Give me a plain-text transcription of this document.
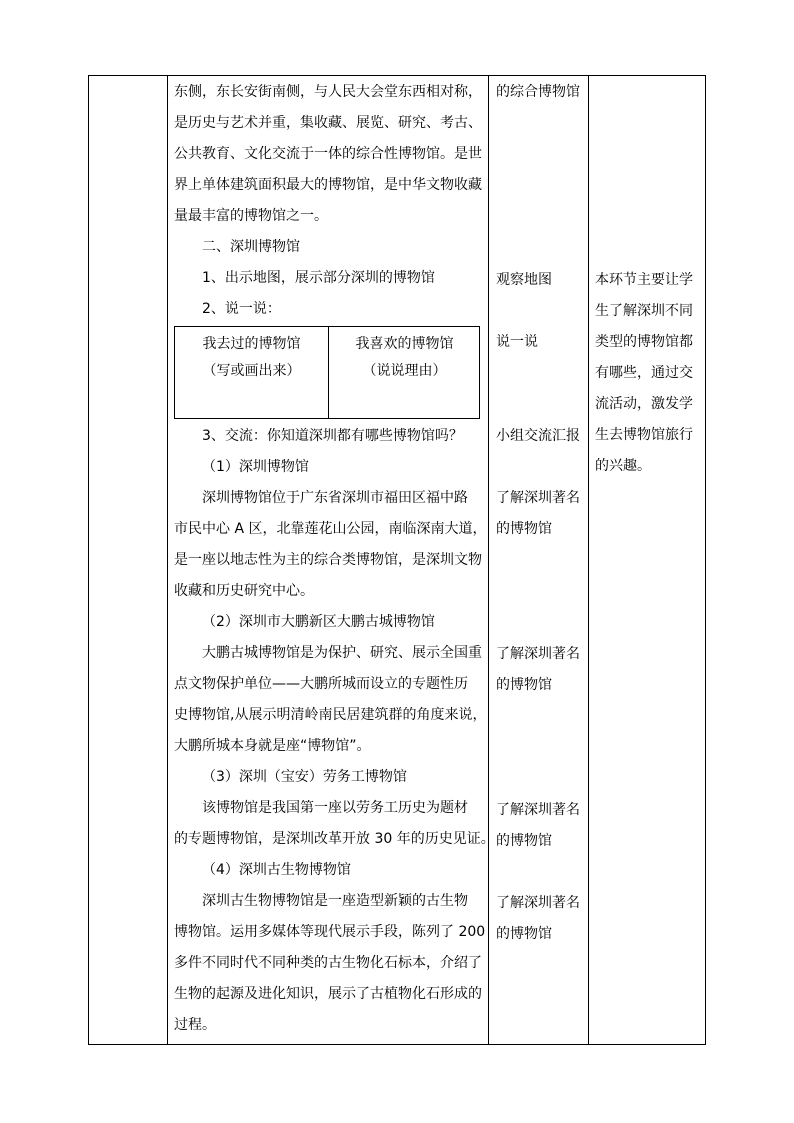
东侧，东长安街南侧，与人民大会堂东西相对称，
是历史与艺术并重，集收藏、展览、研究、考古、
公共教育、文化交流于一体的综合性博物馆。是世
界上单体建筑面积最大的博物馆，是中华文物收藏
量最丰富的博物馆之一。
二、深圳博物馆
1、出示地图，展示部分深圳的博物馆
2、说一说：
我去过的博物馆
（写或画出来）
我喜欢的博物馆
（说说理由）
3、交流：你知道深圳都有哪些博物馆吗？
（1）深圳博物馆
深圳博物馆位于广东省深圳市福田区福中路
市民中心 A 区，北靠莲花山公园，南临深南大道，
是一座以地志性为主的综合类博物馆，是深圳文物
收藏和历史研究中心。
（2）深圳市大鹏新区大鹏古城博物馆
大鹏古城博物馆是为保护、研究、展示全国重
点文物保护单位——大鹏所城而设立的专题性历
史博物馆,从展示明清岭南民居建筑群的角度来说，
大鹏所城本身就是座“博物馆”。
（3）深圳（宝安）劳务工博物馆
该博物馆是我国第一座以劳务工历史为题材
的专题博物馆，是深圳改革开放 30 年的历史见证。
（4）深圳古生物博物馆
深圳古生物博物馆是一座造型新颖的古生物
博物馆。运用多媒体等现代展示手段，陈列了 200
多件不同时代不同种类的古生物化石标本，介绍了
生物的起源及进化知识，展示了古植物化石形成的
过程。
的综合博物馆
观察地图
说一说
小组交流汇报
了解深圳著名
的博物馆
了解深圳著名
的博物馆
了解深圳著名
的博物馆
了解深圳著名
的博物馆
本环节主要让学
生了解深圳不同
类型的博物馆都
有哪些，通过交
流活动，激发学
生去博物馆旅行
的兴趣。
